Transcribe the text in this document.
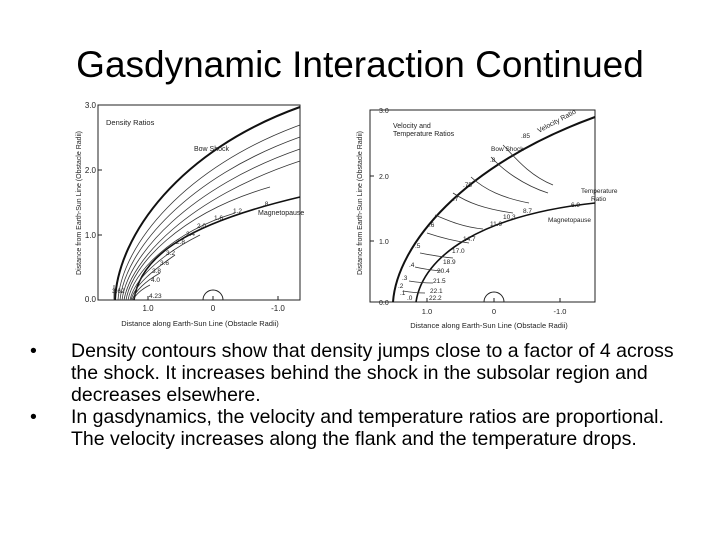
Gasdynamic Interaction Continued
3.0
2.0
1.0
0.0
1.0	0	-1.0
Distance along Earth-Sun Line (Obstacle Radii)
Distance from Earth-Sun Line (Obstacle Radii)
Density Ratios
Bow Shock
Magnetopause
3.62
.8
1.2
1.6
2.0
2.4
2.8
3.2
3.6
3.8
4.0
4.23
3.0
2.0
1.0
0.0
1.0	0	-1.0
Distance along Earth-Sun Line (Obstacle Radii)
Distance from Earth-Sun Line (Obstacle Radii)
Velocity and
Temperature Ratios
Bow Shock
Magnetopause
Velocity Ratio
Temperature
Ratio
.85
.8
.75
.7
.6
.5
.4
.3
.2
.1
.0
6.9
8.7
10.3
11.9
14.7
17.0
18.9
20.4
21.5
22.1
22.2
• Density contours show that density jumps close to a factor of 4 across the shock. It increases behind the shock in the subsolar region and decreases elsewhere.
• In gasdynamics, the velocity and temperature ratios are proportional. The velocity increases along the flank and the temperature drops.
